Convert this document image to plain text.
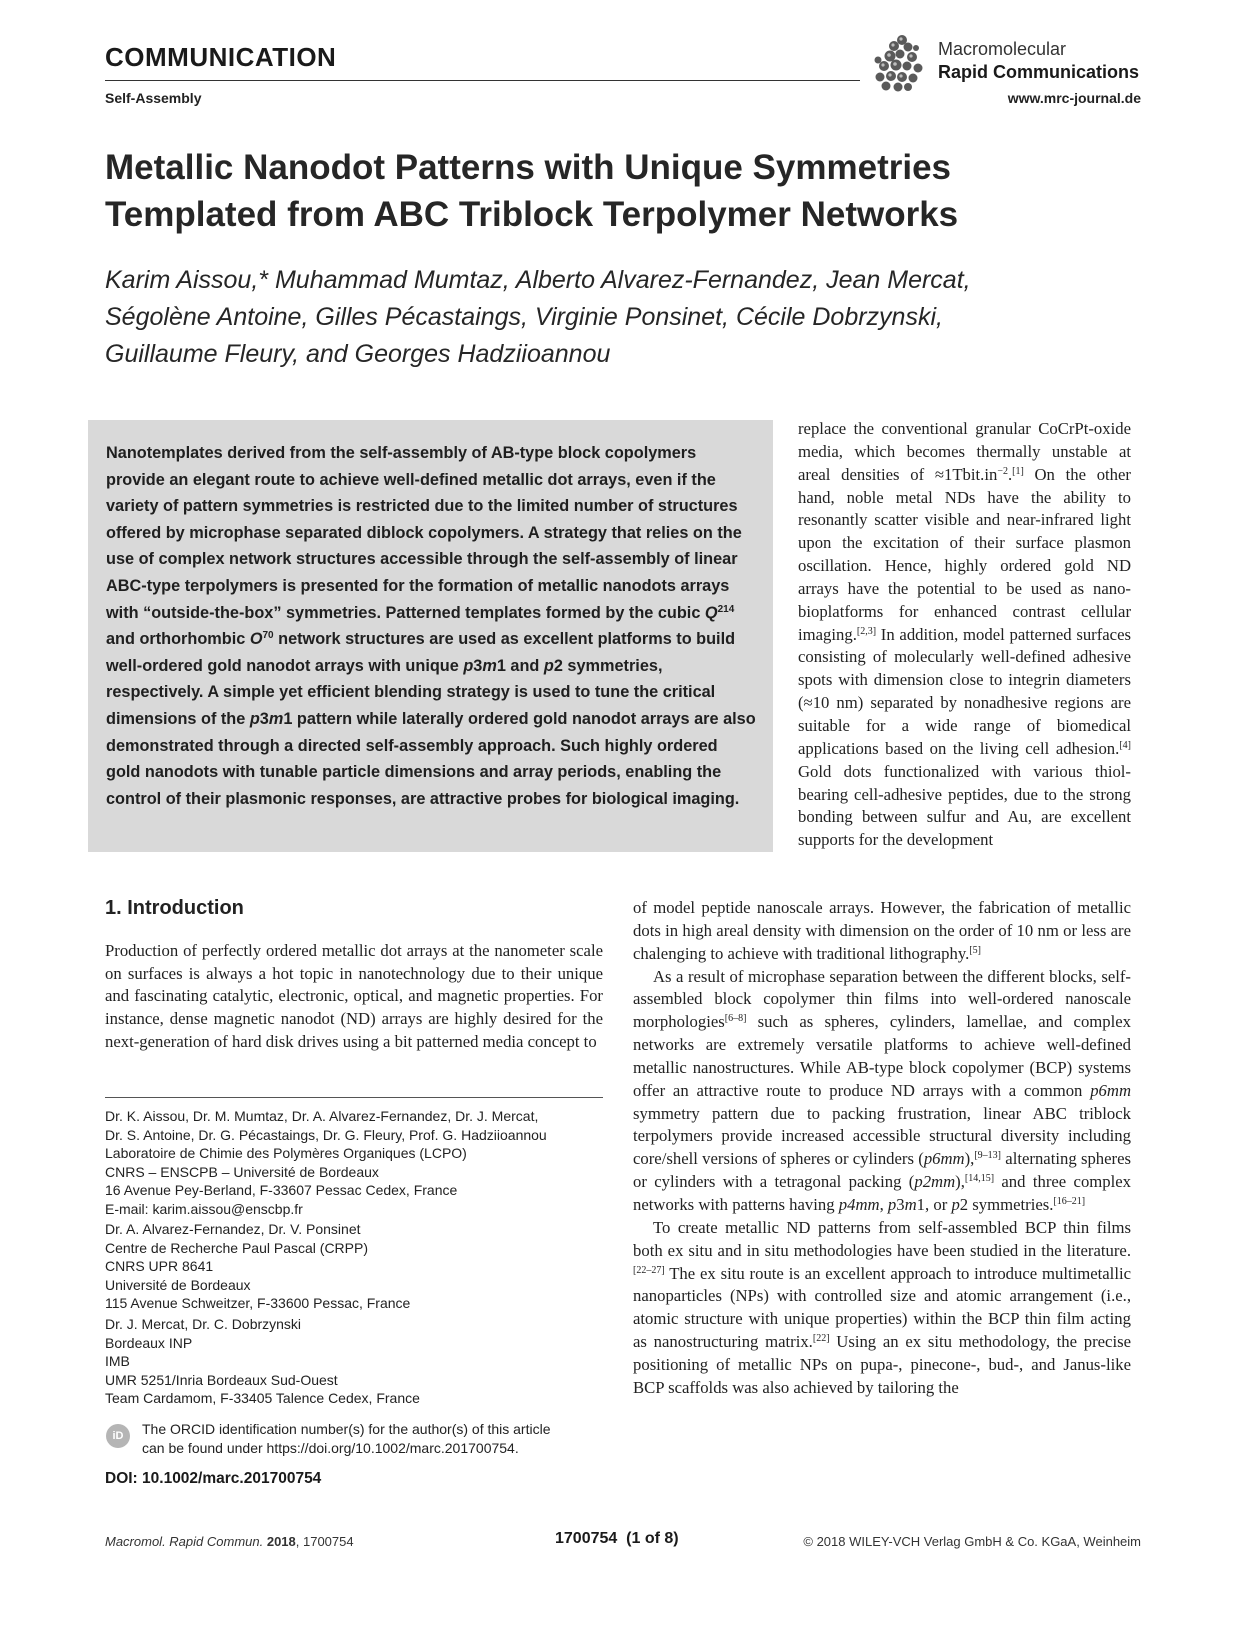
COMMUNICATION
Self-Assembly
Macromolecular
Rapid Communications
www.mrc-journal.de
Metallic Nanodot Patterns with Unique Symmetries
Templated from ABC Triblock Terpolymer Networks
Karim Aissou,* Muhammad Mumtaz, Alberto Alvarez-Fernandez, Jean Mercat,
Ségolène Antoine, Gilles Pécastaings, Virginie Ponsinet, Cécile Dobrzynski,
Guillaume Fleury, and Georges Hadziioannou
Nanotemplates derived from the self-assembly of AB-type block copolymers provide an elegant route to achieve well-defined metallic dot arrays, even if the variety of pattern symmetries is restricted due to the limited number of structures offered by microphase separated diblock copolymers. A strategy that relies on the use of complex network structures accessible through the self-assembly of linear ABC-type terpolymers is presented for the formation of metallic nanodots arrays with “outside-the-box” symmetries. Patterned templates formed by the cubic $Q^{214}$ and orthorhombic $O^{70}$ network structures are used as excellent platforms to build well-ordered gold nanodot arrays with unique p3m1 and p2 symmetries, respectively. A simple yet efficient blending strategy is used to tune the critical dimensions of the p3m1 pattern while laterally ordered gold nanodot arrays are also demonstrated through a directed self-assembly approach. Such highly ordered gold nanodots with tunable particle dimensions and array periods, enabling the control of their plasmonic responses, are attractive probes for biological imaging.
replace the conventional granular CoCrPt-oxide media, which becomes thermally unstable at areal densities of $\approx 1Tbit.in^{-2}.[1]$ On the other hand, noble metal NDs have the ability to resonantly scatter visible and near-infrared light upon the excitation of their surface plasmon oscillation. Hence, highly ordered gold ND arrays have the potential to be used as nano-bioplatforms for enhanced contrast cellular imaging.[2,3] In addition, model patterned surfaces consisting of molecularly well-defined adhesive spots with dimension close to integrin diameters (≈10 nm) separated by nonadhesive regions are suitable for a wide range of biomedical applications based on the living cell adhesion.[4] Gold dots functionalized with various thiol-bearing cell-adhesive peptides, due to the strong bonding between sulfur and Au, are excellent supports for the development

of model peptide nanoscale arrays. However, the fabrication of metallic dots in high areal density with dimension on the order of 10 nm or less are chalenging to achieve with traditional lithography.[5]

As a result of microphase separation between the different blocks, self-assembled block copolymer thin films into well-ordered nanoscale morphologies[6–8] such as spheres, cylinders, lamellae, and complex networks are extremely versatile platforms to achieve well-defined metallic nanostructures. While AB-type block copolymer (BCP) systems offer an attractive route to produce ND arrays with a common p6mm symmetry pattern due to packing frustration, linear ABC triblock terpolymers provide increased accessible structural diversity including core/shell versions of spheres or cylinders (p6mm),[9–13] alternating spheres or cylinders with a tetragonal packing (p2mm),[14,15] and three complex networks with patterns having p4mm, p3m1, or p2 symmetries.[16–21]

To create metallic ND patterns from self-assembled BCP thin films both ex situ and in situ methodologies have been studied in the literature.[22–27] The ex situ route is an excellent approach to introduce multimetallic nanoparticles (NPs) with controlled size and atomic arrangement (i.e., atomic structure with unique properties) within the BCP thin film acting as nanostructuring matrix.[22] Using an ex situ methodology, the precise positioning of metallic NPs on pupa-, pinecone-, bud-, and Janus-like BCP scaffolds was also achieved by tailoring the

1. Introduction
Production of perfectly ordered metallic dot arrays at the nanometer scale on surfaces is always a hot topic in nanotechnology due to their unique and fascinating catalytic, electronic, optical, and magnetic properties. For instance, dense magnetic nanodot (ND) arrays are highly desired for the next-generation of hard disk drives using a bit patterned media concept to
Dr. K. Aissou, Dr. M. Mumtaz, Dr. A. Alvarez-Fernandez, Dr. J. Mercat,
Dr. S. Antoine, Dr. G. Pécastaings, Dr. G. Fleury, Prof. G. Hadziioannou
Laboratoire de Chimie des Polymères Organiques (LCPO)
CNRS – ENSCPB – Université de Bordeaux
16 Avenue Pey-Berland, F-33607 Pessac Cedex, France
E-mail: karim.aissou@enscbp.fr
Dr. A. Alvarez-Fernandez, Dr. V. Ponsinet
Centre de Recherche Paul Pascal (CRPP)
CNRS UPR 8641
Université de Bordeaux
115 Avenue Schweitzer, F-33600 Pessac, France
Dr. J. Mercat, Dr. C. Dobrzynski
Bordeaux INP
IMB
UMR 5251/Inria Bordeaux Sud-Ouest
Team Cardamom, F-33405 Talence Cedex, France
iD	The ORCID identification number(s) for the author(s) of this article
can be found under https://doi.org/10.1002/marc.201700754.
DOI: 10.1002/marc.201700754
Macromol. Rapid Commun. 2018, 1700754	1700754  (1 of 8)	© 2018 WILEY-VCH Verlag GmbH & Co. KGaA, Weinheim
